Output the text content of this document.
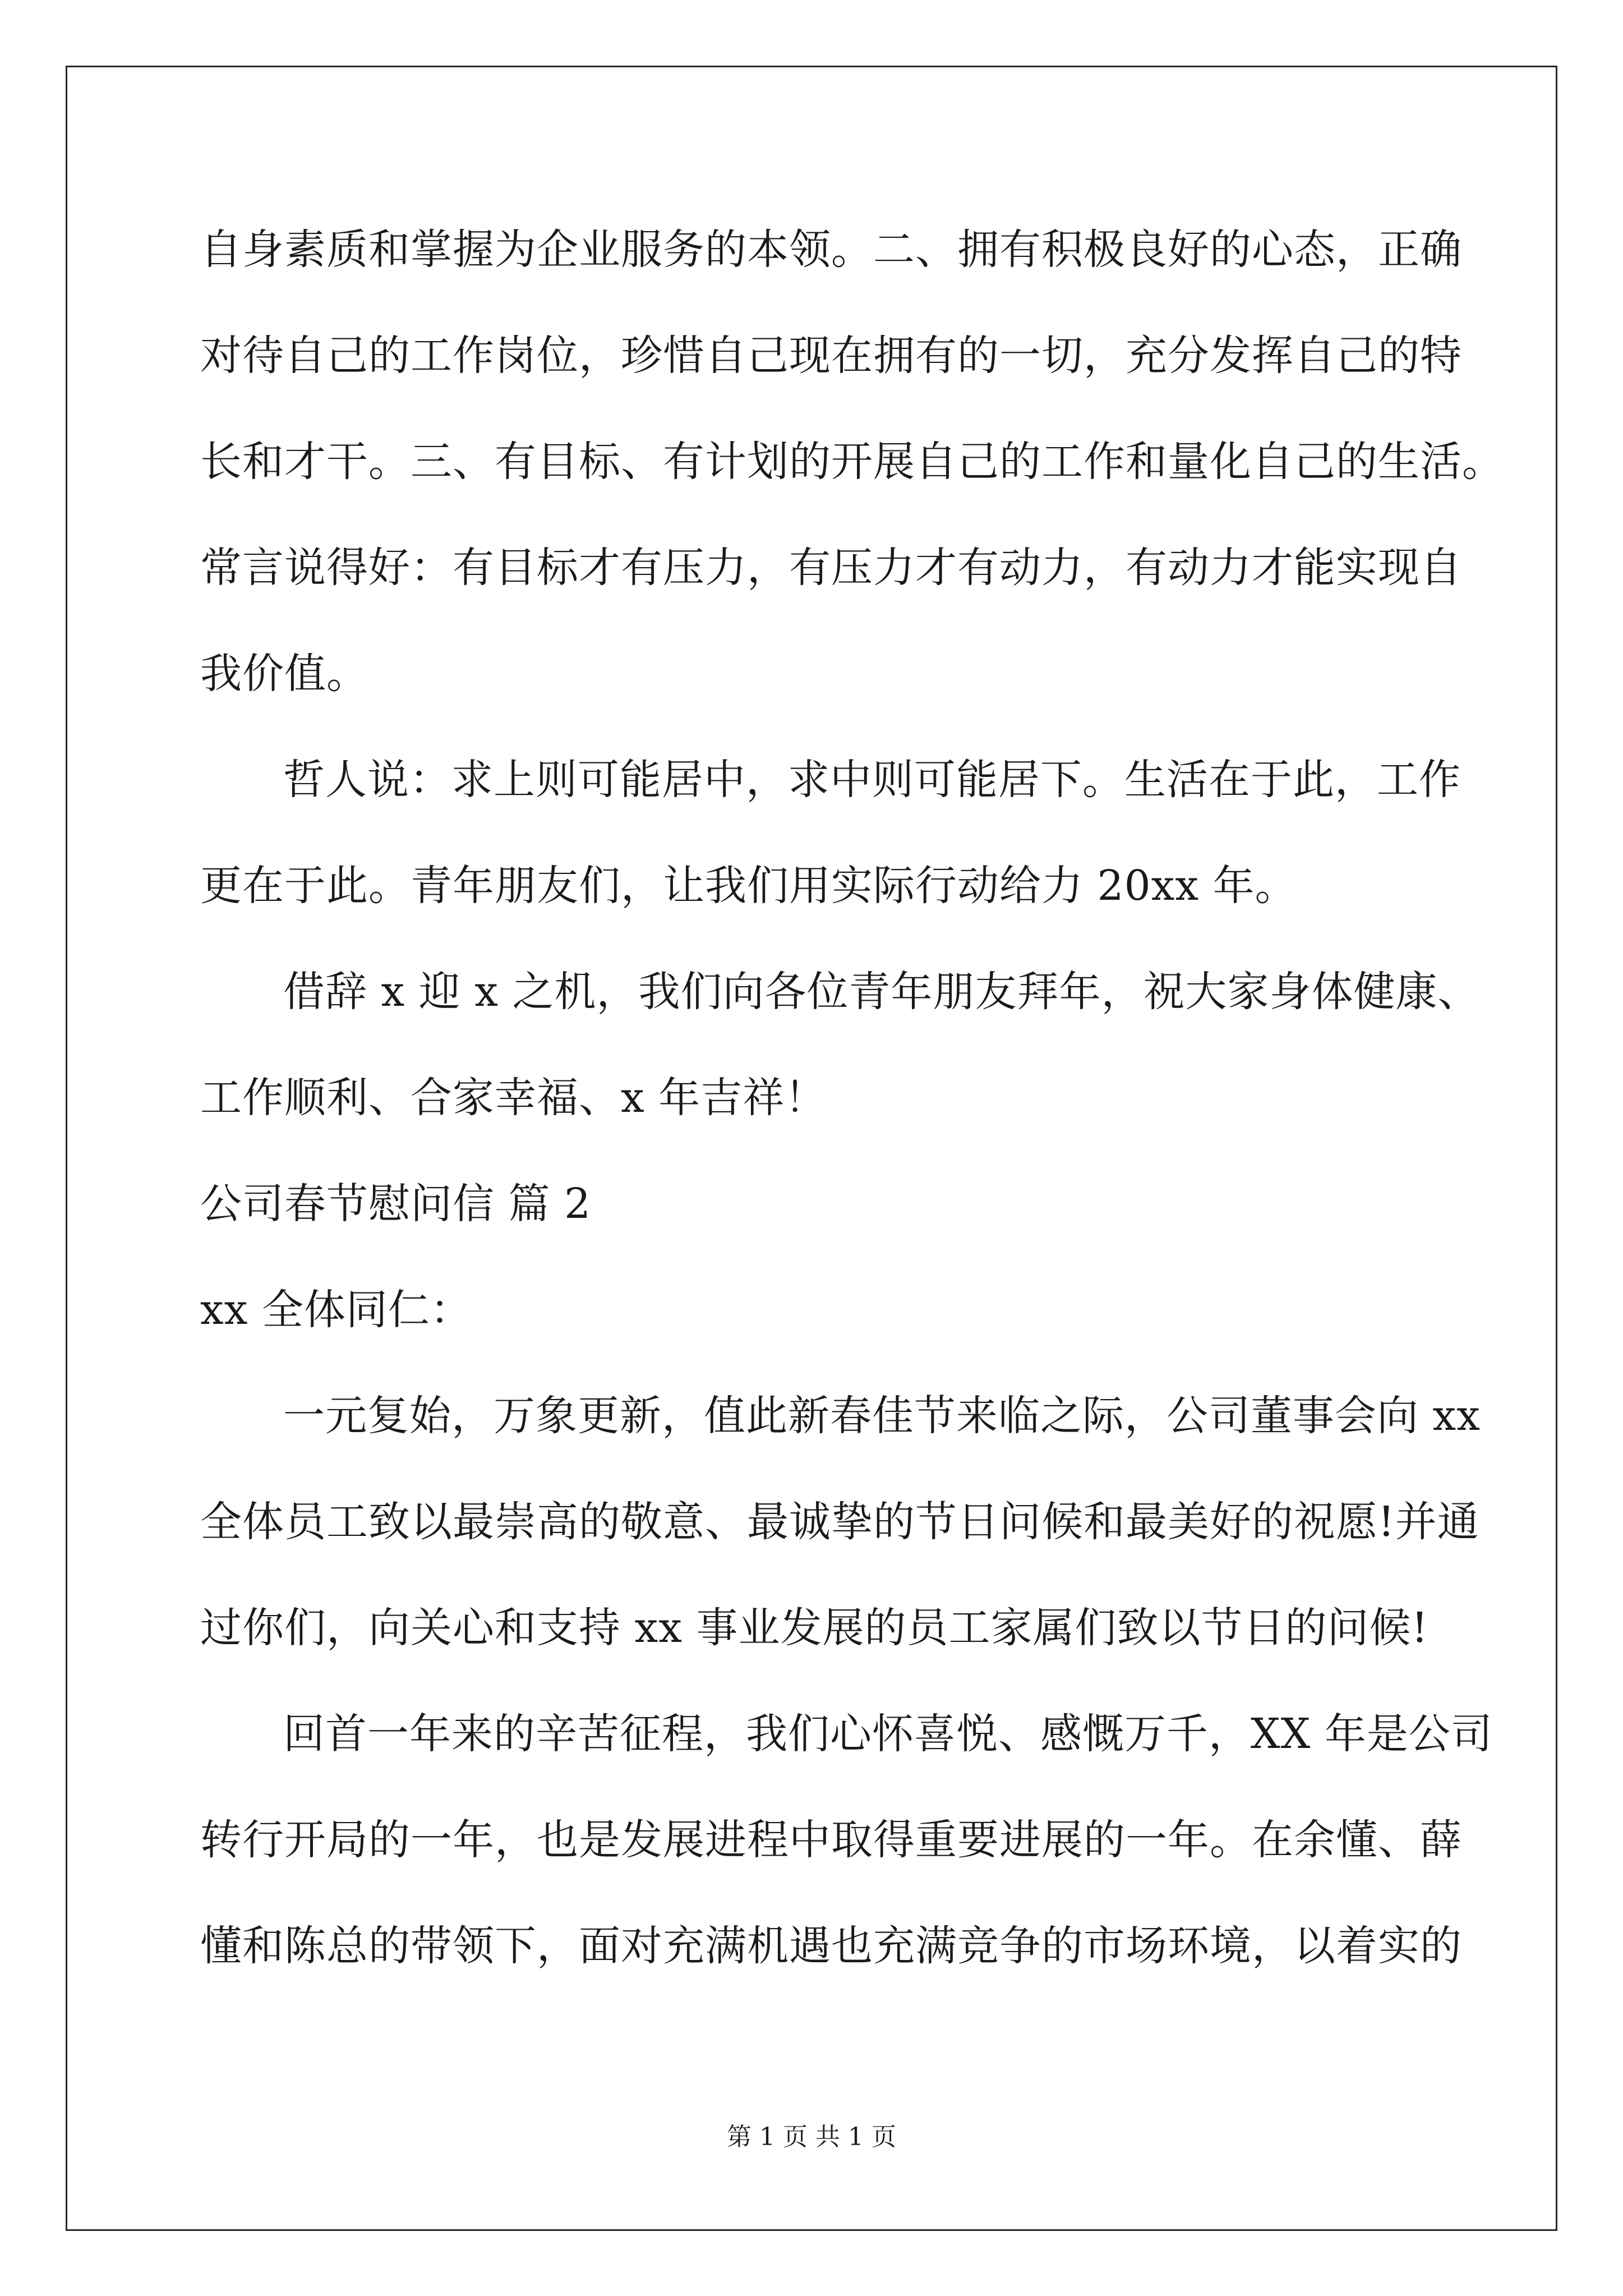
自身素质和掌握为企业服务的本领。二、拥有积极良好的心态，正确
对待自己的工作岗位，珍惜自己现在拥有的一切，充分发挥自己的特
长和才干。三、有目标、有计划的开展自己的工作和量化自己的生活。
常言说得好：有目标才有压力，有压力才有动力，有动力才能实现自
我价值。
哲人说：求上则可能居中，求中则可能居下。生活在于此，工作
更在于此。青年朋友们，让我们用实际行动给力 20xx 年。
借辞 x 迎 x 之机，我们向各位青年朋友拜年，祝大家身体健康、
工作顺利、合家幸福、x 年吉祥！
公司春节慰问信 篇 2
xx 全体同仁：
一元复始，万象更新，值此新春佳节来临之际，公司董事会向 xx
全体员工致以最崇高的敬意、最诚挚的节日问候和最美好的祝愿!并通
过你们，向关心和支持 xx 事业发展的员工家属们致以节日的问候!
回首一年来的辛苦征程，我们心怀喜悦、感慨万千，XX 年是公司
转行开局的一年，也是发展进程中取得重要进展的一年。在余懂、薛
懂和陈总的带领下，面对充满机遇也充满竞争的市场环境，以着实的
第 1 页 共 1 页
